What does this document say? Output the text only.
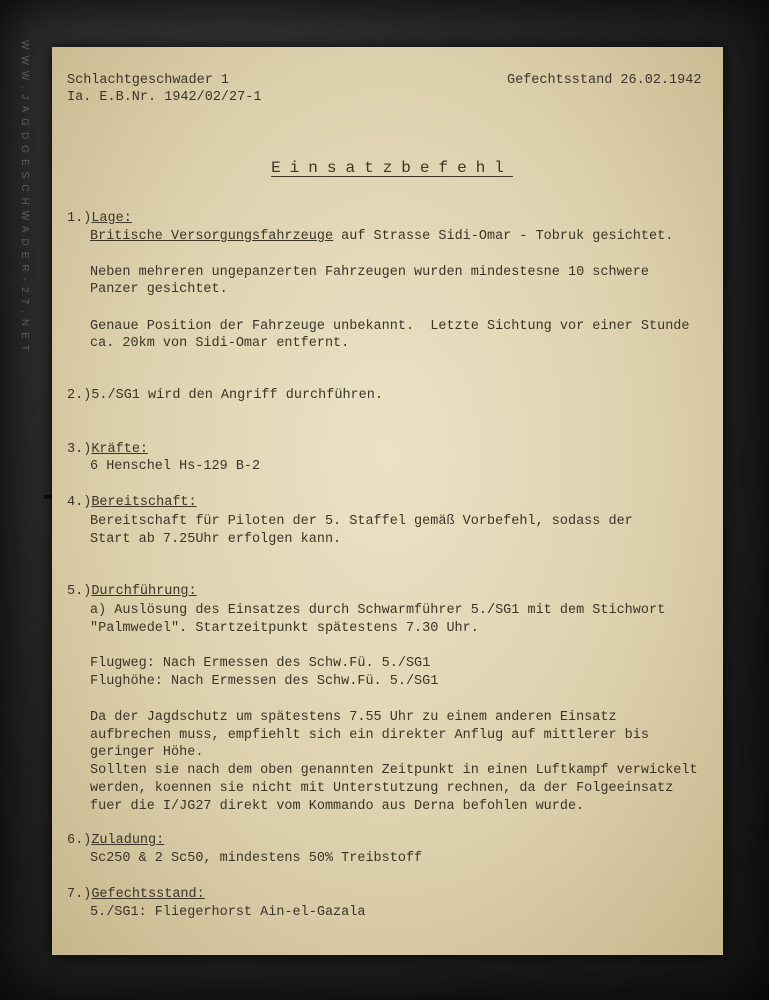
WWW.JAGDGESCHWADER-27.NET	Schlachtgeschwader 1
Ia. E.B.Nr. 1942/02/27-1
Gefechtsstand 26.02.1942
Einsatzbefehl
1.)Lage:
Britische Versorgungsfahrzeuge auf Strasse Sidi-Omar - Tobruk gesichtet.
Neben mehreren ungepanzerten Fahrzeugen wurden mindestesne 10 schwere
Panzer gesichtet.
Genaue Position der Fahrzeuge unbekannt.  Letzte Sichtung vor einer Stunde
ca. 20km von Sidi-Omar entfernt.
2.)5./SG1 wird den Angriff durchführen.
3.)Kräfte:
6 Henschel Hs-129 B-2
4.)Bereitschaft:
Bereitschaft für Piloten der 5. Staffel gemäß Vorbefehl, sodass der
Start ab 7.25Uhr erfolgen kann.
5.)Durchführung:
a) Auslösung des Einsatzes durch Schwarmführer 5./SG1 mit dem Stichwort
"Palmwedel". Startzeitpunkt spätestens 7.30 Uhr.
Flugweg: Nach Ermessen des Schw.Fü. 5./SG1
Flughöhe: Nach Ermessen des Schw.Fü. 5./SG1
Da der Jagdschutz um spätestens 7.55 Uhr zu einem anderen Einsatz
aufbrechen muss, empfiehlt sich ein direkter Anflug auf mittlerer bis
geringer Höhe.
Sollten sie nach dem oben genannten Zeitpunkt in einen Luftkampf verwickelt
werden, koennen sie nicht mit Unterstutzung rechnen, da der Folgeeinsatz
fuer die I/JG27 direkt vom Kommando aus Derna befohlen wurde.
6.)Zuladung:
Sc250 & 2 Sc50, mindestens 50% Treibstoff
7.)Gefechtsstand:
5./SG1: Fliegerhorst Ain-el-Gazala
